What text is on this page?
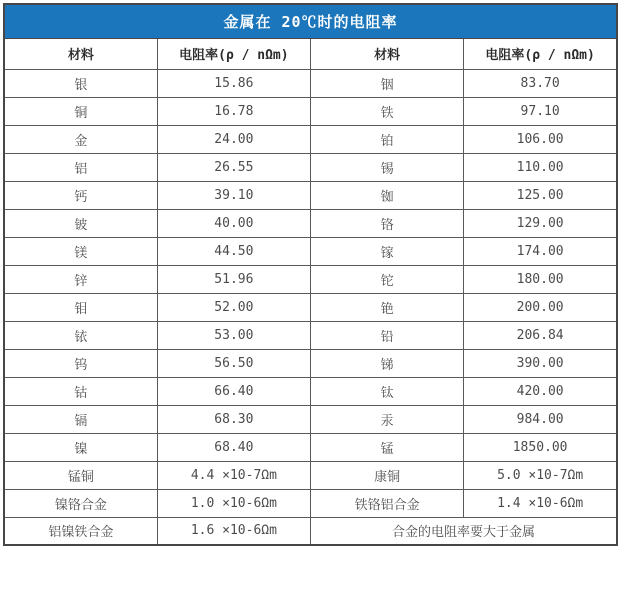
金属在 20℃时的电阻率			
材料	电阻率(ρ / nΩm)	材料	电阻率(ρ / nΩm)
银	15.86	铟	83.70
铜	16.78	铁	97.10
金	24.00	铂	106.00
铝	26.55	锡	110.00
钙	39.10	铷	125.00
铍	40.00	铬	129.00
镁	44.50	镓	174.00
锌	51.96	铊	180.00
钼	52.00	铯	200.00
铱	53.00	铅	206.84
钨	56.50	锑	390.00
钴	66.40	钛	420.00
镉	68.30	汞	984.00
镍	68.40	锰	1850.00
锰铜	4.4 ×10-7Ωm	康铜	5.0 ×10-7Ωm
镍铬合金	1.0 ×10-6Ωm	铁铬铝合金	1.4 ×10-6Ωm
铝镍铁合金	1.6 ×10-6Ωm	合金的电阻率要大于金属	
